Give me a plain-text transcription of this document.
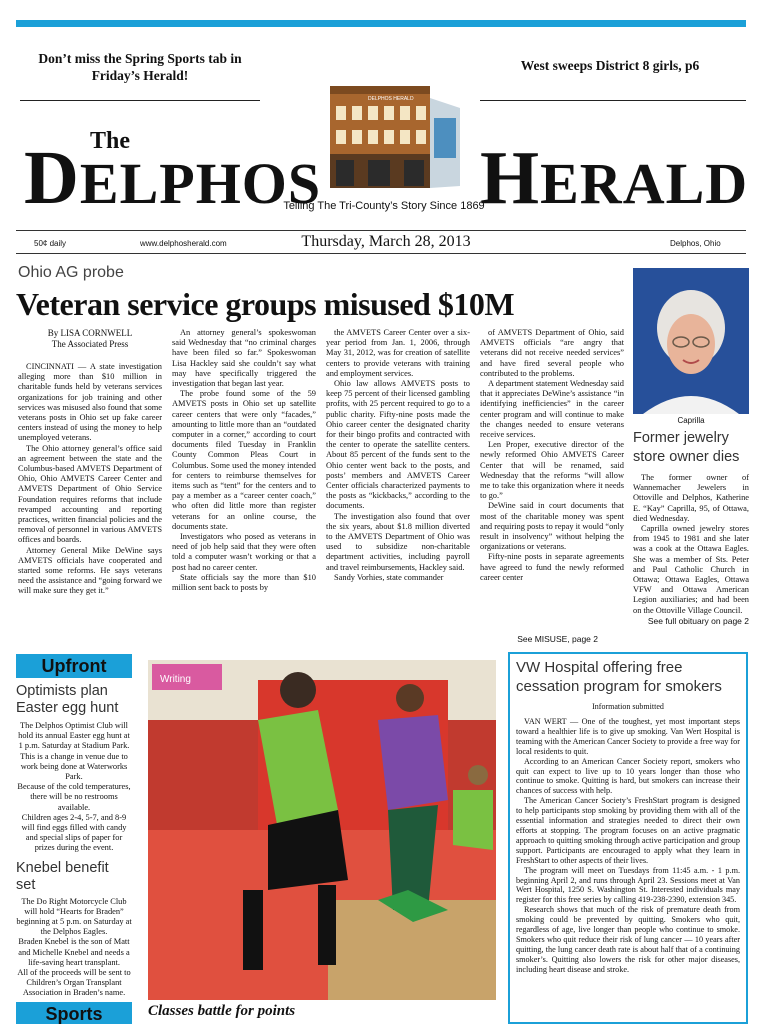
Don’t miss the Spring Sports tab in Friday’s Herald!
West sweeps District 8 girls, p6
The
DELPHOS HERALD
DELPHOS HERALD
Telling The Tri-County’s Story Since 1869
50¢ daily	www.delphosherald.com	Thursday, March 28, 2013	Delphos, Ohio
Ohio AG probe
Veteran service groups misused $10M

By LISA CORNWELL
The Associated Press

CINCINNATI — A state investigation alleging more than $10 million in charitable funds held by veterans services organizations for job training and other services was misused also found that some veterans posts in Ohio set up fake career centers instead of using the money to help unemployed veterans.

The Ohio attorney general’s office said an agreement between the state and the Columbus-based AMVETS Department of Ohio, Ohio AMVETS Career Center and AMVETS Department of Ohio Service Foundation requires reforms that include revamped accounting and reporting practices, written financial policies and the removal of personnel in various AMVETS offices and boards.

Attorney General Mike DeWine says AMVETS officials have cooperated and started some reforms. He says veterans need the assistance and “going forward we will make sure they get it.”

An attorney general’s spokeswoman said Wednesday that “no criminal charges have been filed so far.” Spokeswoman Lisa Hackley said she couldn’t say what may have specifically triggered the investigation that began last year.

The probe found some of the 59 AMVETS posts in Ohio set up satellite career centers that were only “facades,” amounting to little more than an “outdated computer in a corner,” according to court documents filed Tuesday in Franklin County Common Pleas Court in Columbus. Some used the money intended for centers to reimburse themselves for items such as “tent” for the centers and to pay a member as a “career center coach,” who often did little more than register veterans for an online course, the documents state.

Investigators who posed as veterans in need of job help said that they were often told a computer wasn’t working or that a post had no career center.

State officials say the more than $10 million sent back to posts by

the AMVETS Career Center over a six-year period from Jan. 1, 2006, through May 31, 2012, was for creation of satellite centers to provide veterans with training and employment services.

Ohio law allows AMVETS posts to keep 75 percent of their licensed gambling profits, with 25 percent required to go to a public charity. Fifty-nine posts made the Ohio career center the designated charity for their bingo profits and contracted with the center to operate the satellite centers. About 85 percent of the funds sent to the Ohio center went back to the posts, and posts’ members and AMVETS Career Center officials characterized payments to the posts as “kickbacks,” according to the documents.

The investigation also found that over the six years, about $1.8 million diverted to the AMVETS Department of Ohio was used to subsidize non-charitable department activities, including payroll and travel reimbursements, Hackley said.

Sandy Vorhies, state commander

of AMVETS Department of Ohio, said AMVETS officials “are angry that veterans did not receive needed services” and have fired several people who contributed to the problems.

A department statement Wednesday said that it appreciates DeWine’s assistance “in identifying inefficiencies” in the career center program and will continue to make the changes needed to ensure veterans receive services.

Len Proper, executive director of the newly reformed Ohio AMVETS Career Center that will be renamed, said Wednesday that the reforms “will allow me to take this organization where it needs to go.”

DeWine said in court documents that most of the charitable money was spent and requiring posts to repay it would “only result in insolvency” without helping the organizations or veterans.

Fifty-nine posts in separate agreements have agreed to fund the newly reformed career center

See MISUSE, page 2
Caprilla
Former jewelry store owner dies

The former owner of Wannemacher Jewelers in Ottoville and Delphos, Katherine E. “Kay” Caprilla, 95, of Ottawa, died Wednesday.

Caprilla owned jewelry stores from 1945 to 1981 and she later was a cook at the Ottawa Eagles. She was a member of Sts. Peter and Paul Catholic Church in Ottawa; Ottawa Eagles, Ottawa VFW and Ottawa American Legion auxiliaries; and had been on the Ottoville Village Council.

See full obituary on page 2
Upfront
Optimists plan Easter egg hunt

The Delphos Optimist Club will hold its annual Easter egg hunt at 1 p.m. Saturday at Stadium Park.

This is a change in venue due to work being done at Waterworks Park.

Because of the cold temperatures, there will be no restrooms available.

Children ages 2-4, 5-7, and 8-9 will find eggs filled with candy and special slips of paper for prizes during the event.

Knebel benefit set

The Do Right Motorcycle Club will hold “Hearts for Braden” beginning at 5 p.m. on Saturday at the Delphos Eagles.

Braden Knebel is the son of Matt and Michelle Knebel and needs a life-saving heart transplant.

All of the proceeds will be sent to Children’s Organ Transplant Association in Braden’s name.

Sports
Writing
Classes battle for points
VW Hospital offering free cessation program for smokers
Information submitted

VAN WERT — One of the toughest, yet most important steps toward a healthier life is to give up smoking. Van Wert Hospital is teaming with the American Cancer Society to provide a free way for local residents to quit.

According to an American Cancer Society report, smokers who quit can expect to live up to 10 years longer than those who continue to smoke. Quitting is hard, but smokers can increase their chances of success with help.

The American Cancer Society’s FreshStart program is designed to help participants stop smoking by providing them with all of the essential information and strategies needed to direct their own efforts at stopping. The program focuses on an active pragmatic approach to quitting smoking through active participation and group support. Participants are encouraged to apply what they learn in FreshStart to other aspects of their lives.

The program will meet on Tuesdays from 11:45 a.m. - 1 p.m. beginning April 2, and runs through April 23. Sessions meet at Van Wert Hospital, 1250 S. Washington St. Interested individuals may register for this free series by calling 419-238-2390, extension 345.

Research shows that much of the risk of premature death from smoking could be prevented by quitting. Smokers who quit, regardless of age, live longer than people who continue to smoke. Smokers who quit reduce their risk of lung cancer — 10 years after quitting, the lung cancer death rate is about half that of a continuing smoker’s. Quitting also lowers the risk for other major diseases, including heart disease and stroke.
